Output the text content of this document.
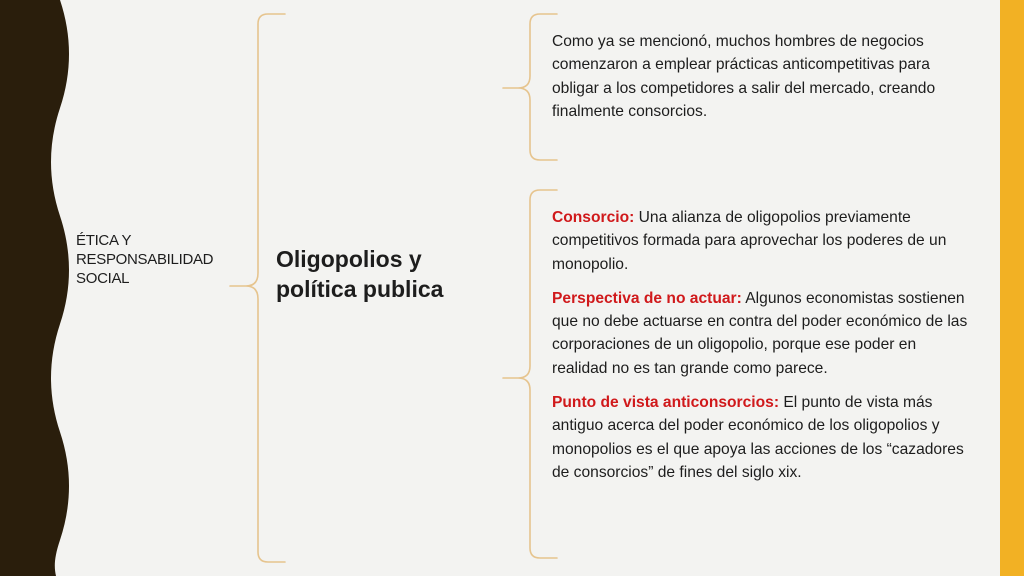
ÉTICA Y RESPONSABILIDAD SOCIAL
Oligopolios y política publica
Como ya se mencionó, muchos hombres de negocios comenzaron a emplear prácticas anticompetitivas para obligar a los competidores a salir del mercado, creando finalmente consorcios.

Consorcio: Una alianza de oligopolios previamente competitivos formada para aprovechar los poderes de un monopolio.

Perspectiva de no actuar: Algunos economistas sostienen que no debe actuarse en contra del poder económico de las corporaciones de un oligopolio, porque ese poder en realidad no es tan grande como parece.

Punto de vista anticonsorcios: El punto de vista más antiguo acerca del poder económico de los oligopolios y monopolios es el que apoya las acciones de los “cazadores de consorcios” de fines del siglo xix.
